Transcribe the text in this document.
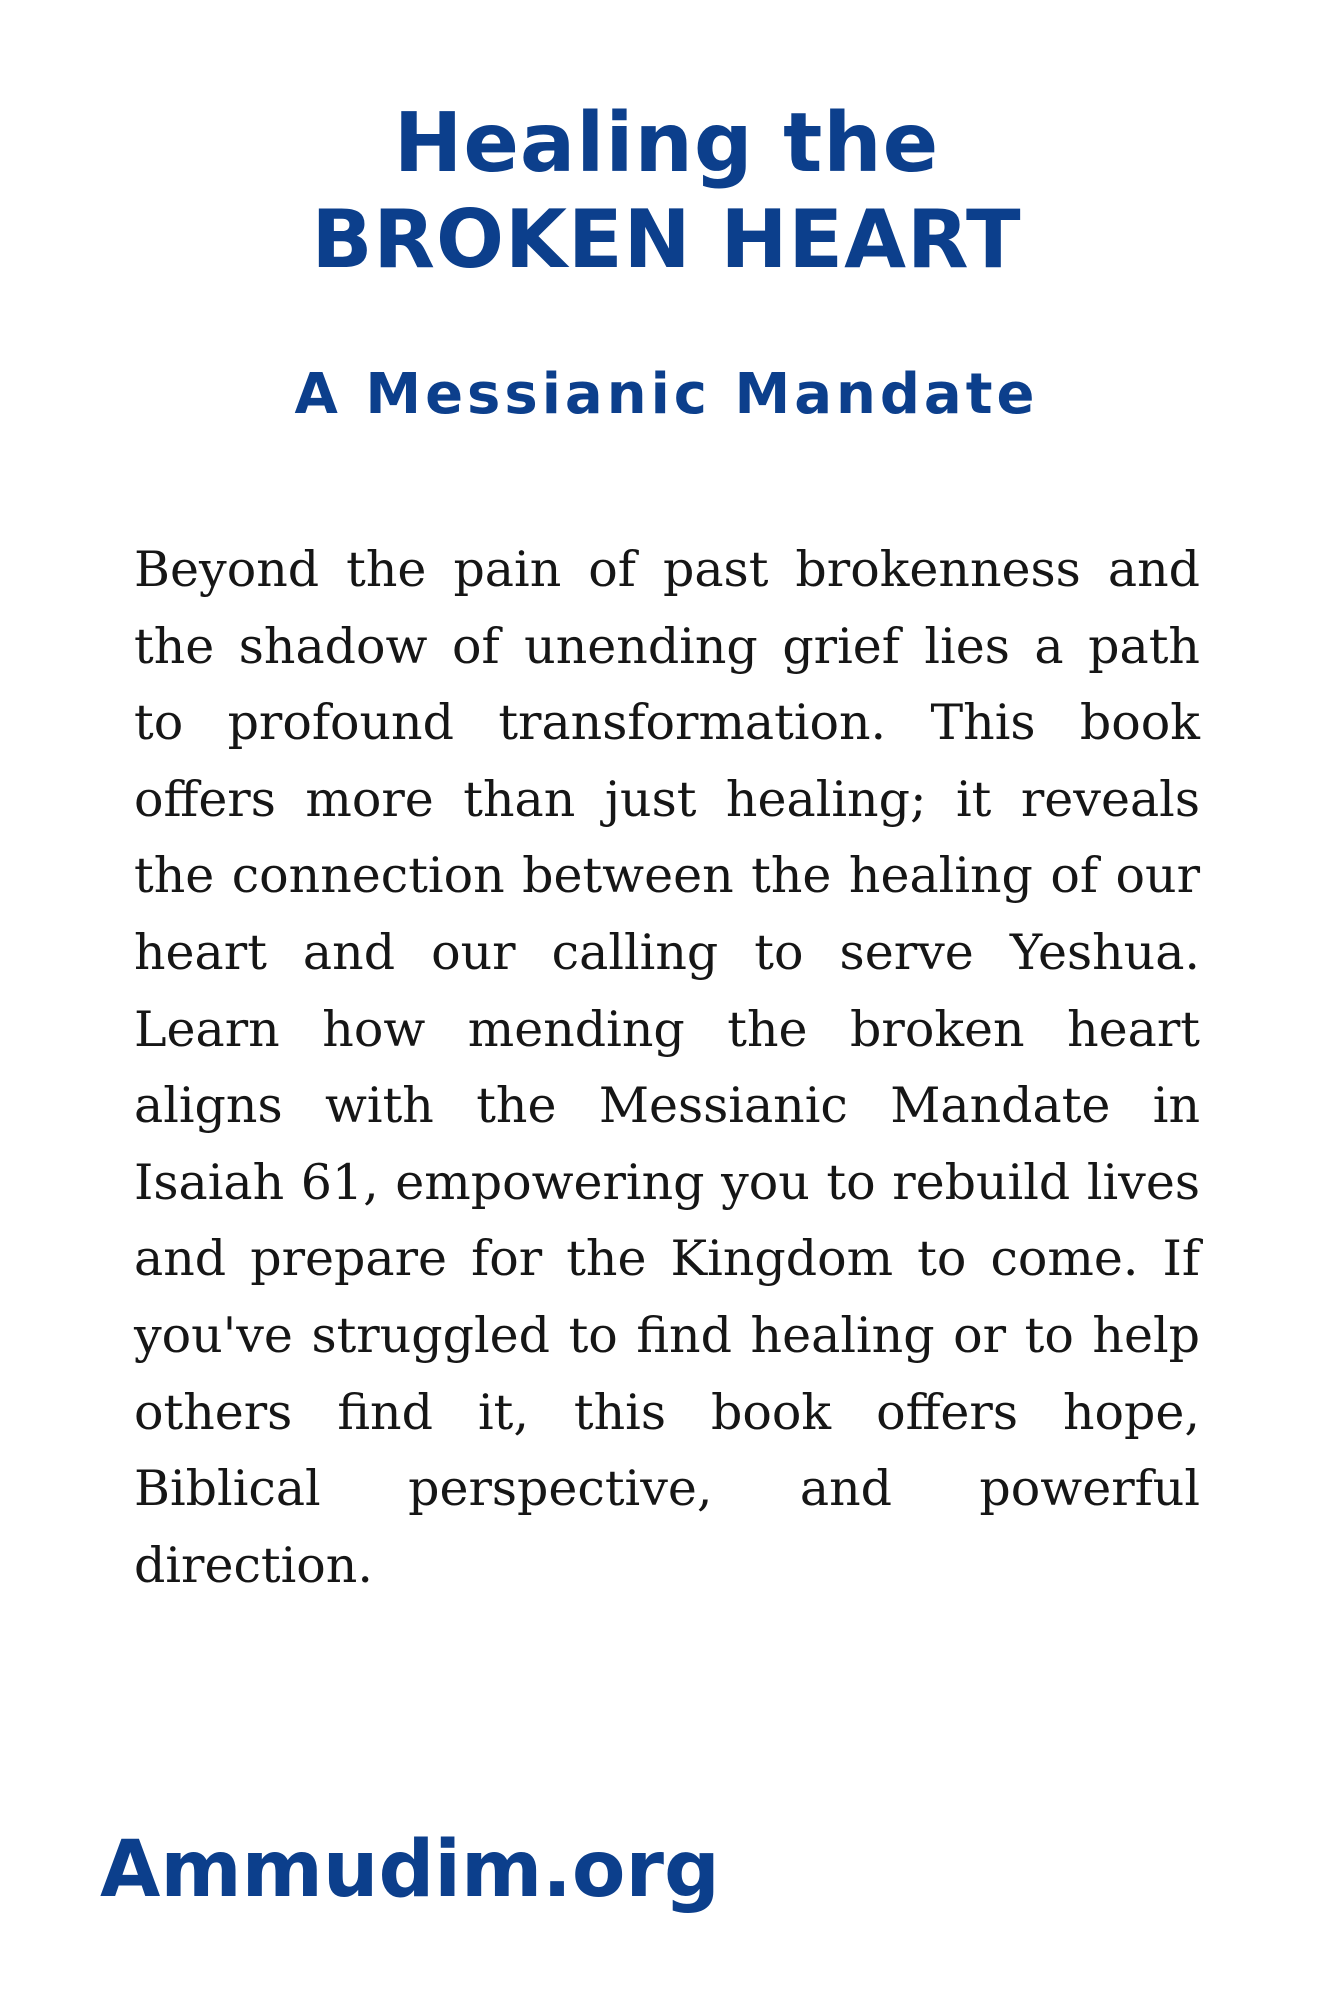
Healing the
BROKEN HEART
A Messianic Mandate

Beyond the pain of past brokenness and the shadow of unending grief lies a path to profound transformation. This book offers more than just healing; it reveals the connection between the healing of our heart and our calling to serve Yeshua. Learn how mending the broken heart aligns with the Messianic Mandate in Isaiah 61, empowering you to rebuild lives and prepare for the Kingdom to come. If you've struggled to find healing or to help others find it, this book offers hope, Biblical perspective, and powerful direction.

Ammudim.org
